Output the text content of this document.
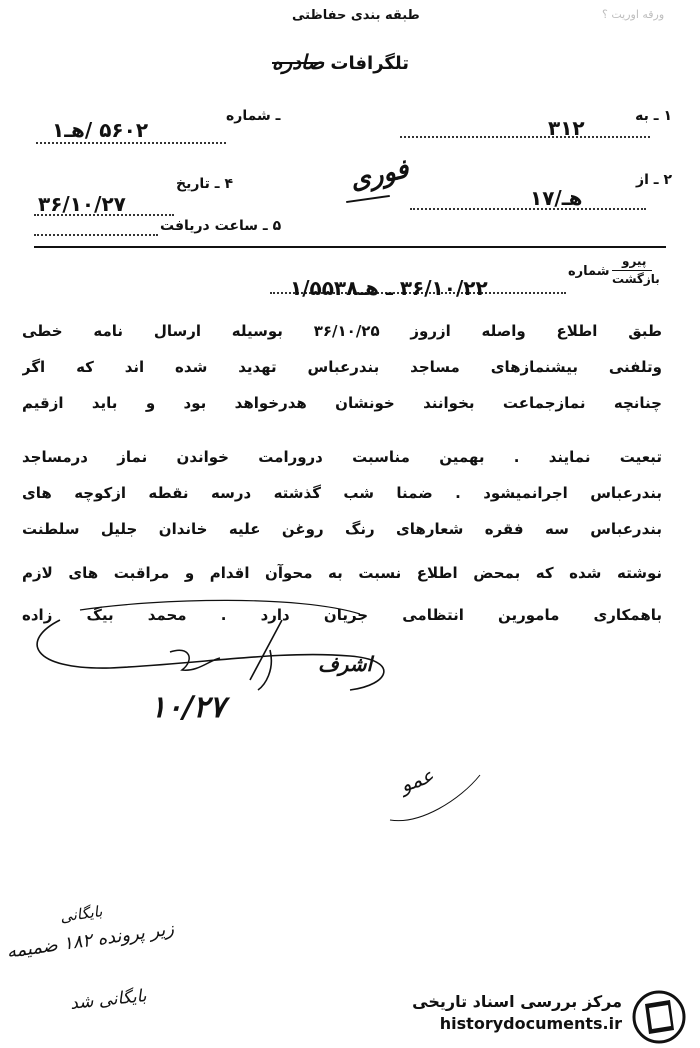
ورقه اوریت ؟
طبقه بندی حفاظتی
تلگرافات صادره
۱ ـ به
۳۱۲
ـ شماره
۵۶۰۲ /هـ۱
فوری	۲ ـ از
هـ/۱۷
۴ ـ تاریخ
۳۶/۱۰/۲۷
۵ ـ ساعت دریافت
پیرو
بازگشت
شماره
۳۶/۱۰/۲۲ ـ هـ۱/۵۵۳۸
طبق اطلاع واصله ازروز ۳۶/۱۰/۲۵ بوسیله ارسال نامه خطی
وتلفنی بیشنمازهای مساجد بندرعباس تهدید شده اند که اگر
چنانچه نمازجماعت بخوانند خونشان هدرخواهد بود و باید ازقیم
تبعیت نمایند . بهمین مناسبت درورامت خواندن نماز درمساجد
بندرعباس اجرانمیشود . ضمنا شب گذشته درسه نقطه ازکوچه های
بندرعباس سه فقره شعارهای رنگ روغن علیه خاندان جلیل سلطنت
نوشته شده که بمحض اطلاع نسبت به محوآن اقدام و مراقبت های لازم
باهمکاری مامورین انتظامی جریان دارد . محمد بیگ زاده
اشرف
۱۰/۲۷
عمو
بایگانی
زیر پرونده ۱۸۲ ضمیمه
بایگانی شد	مرکز بررسی اسناد تاریخی
historydocuments.ir
